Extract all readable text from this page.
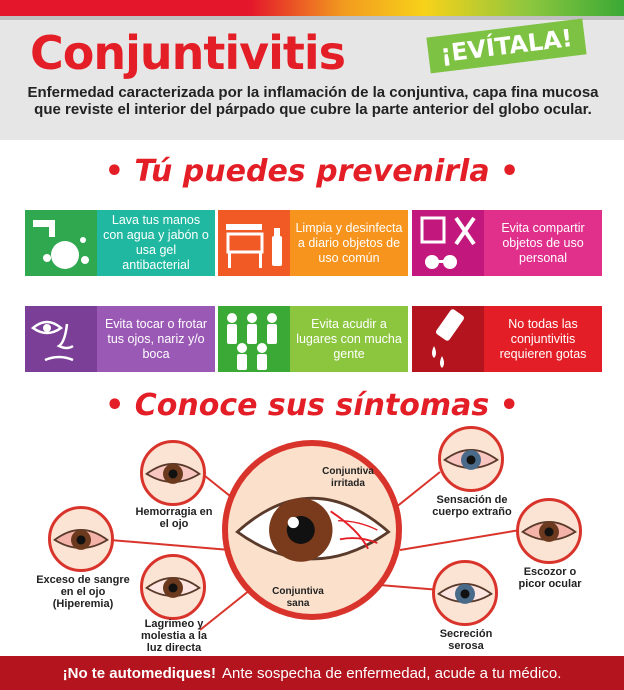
Conjuntivitis	¡EVÍTALA!
Enfermedad caracterizada por la inflamación de la conjuntiva, capa fina mucosa que reviste el interior del párpado que cubre la parte anterior del globo ocular.
• Tú puedes prevenirla •
Lava tus manos con agua y jabón o usa gel antibacterial
Limpia y desinfecta a diario objetos de uso común
Evita compartir objetos de uso personal
Evita tocar o frotar tus ojos, nariz y/o boca
Evita acudir a lugares con mucha gente
No todas las conjuntivitis requieren gotas
• Conoce sus síntomas •
Conjuntiva irritada
Conjuntiva sana
Hemorragia en el ojo
Exceso de sangre en el ojo (Hiperemia)
Lagrimeo y molestia a la luz directa
Sensación de cuerpo extraño
Escozor o picor ocular
Secreción serosa
¡No te automediques! Ante sospecha de enfermedad, acude a tu médico.
